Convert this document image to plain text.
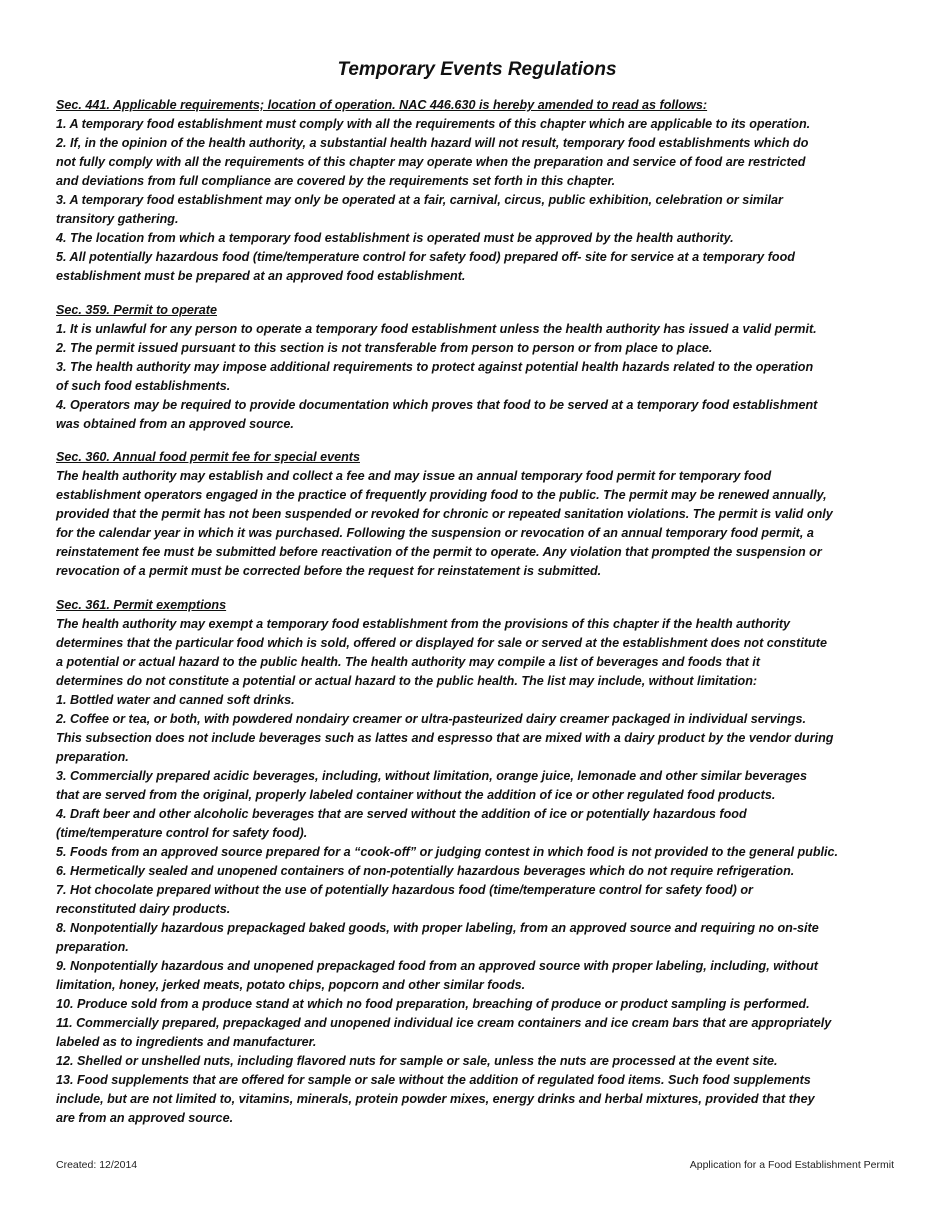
Temporary Events Regulations
Sec. 441. Applicable requirements; location of operation. NAC 446.630 is hereby amended to read as follows:
1. A temporary food establishment must comply with all the requirements of this chapter which are applicable to its operation.
2. If, in the opinion of the health authority, a substantial health hazard will not result, temporary food establishments which do
not fully comply with all the requirements of this chapter may operate when the preparation and service of food are restricted
and deviations from full compliance are covered by the requirements set forth in this chapter.
3. A temporary food establishment may only be operated at a fair, carnival, circus, public exhibition, celebration or similar
transitory gathering.
4. The location from which a temporary food establishment is operated must be approved by the health authority.
5. All potentially hazardous food (time/temperature control for safety food) prepared off- site for service at a temporary food
establishment must be prepared at an approved food establishment.
Sec. 359. Permit to operate
1. It is unlawful for any person to operate a temporary food establishment unless the health authority has issued a valid permit.
2. The permit issued pursuant to this section is not transferable from person to person or from place to place.
3. The health authority may impose additional requirements to protect against potential health hazards related to the operation
of such food establishments.
4. Operators may be required to provide documentation which proves that food to be served at a temporary food establishment
was obtained from an approved source.
Sec. 360. Annual food permit fee for special events
The health authority may establish and collect a fee and may issue an annual temporary food permit for temporary food
establishment operators engaged in the practice of frequently providing food to the public. The permit may be renewed annually,
provided that the permit has not been suspended or revoked for chronic or repeated sanitation violations. The permit is valid only
for the calendar year in which it was purchased. Following the suspension or revocation of an annual temporary food permit, a
reinstatement fee must be submitted before reactivation of the permit to operate. Any violation that prompted the suspension or
revocation of a permit must be corrected before the request for reinstatement is submitted.
Sec. 361. Permit exemptions
The health authority may exempt a temporary food establishment from the provisions of this chapter if the health authority
determines that the particular food which is sold, offered or displayed for sale or served at the establishment does not constitute
a potential or actual hazard to the public health. The health authority may compile a list of beverages and foods that it
determines do not constitute a potential or actual hazard to the public health. The list may include, without limitation:
1. Bottled water and canned soft drinks.
2. Coffee or tea, or both, with powdered nondairy creamer or ultra-pasteurized dairy creamer packaged in individual servings.
This subsection does not include beverages such as lattes and espresso that are mixed with a dairy product by the vendor during
preparation.
3. Commercially prepared acidic beverages, including, without limitation, orange juice, lemonade and other similar beverages
that are served from the original, properly labeled container without the addition of ice or other regulated food products.
4. Draft beer and other alcoholic beverages that are served without the addition of ice or potentially hazardous food
(time/temperature control for safety food).
5. Foods from an approved source prepared for a “cook-off” or judging contest in which food is not provided to the general public.
6. Hermetically sealed and unopened containers of non-potentially hazardous beverages which do not require refrigeration.
7. Hot chocolate prepared without the use of potentially hazardous food (time/temperature control for safety food) or
reconstituted dairy products.
8. Nonpotentially hazardous prepackaged baked goods, with proper labeling, from an approved source and requiring no on-site
preparation.
9. Nonpotentially hazardous and unopened prepackaged food from an approved source with proper labeling, including, without
limitation, honey, jerked meats, potato chips, popcorn and other similar foods.
10. Produce sold from a produce stand at which no food preparation, breaching of produce or product sampling is performed.
11. Commercially prepared, prepackaged and unopened individual ice cream containers and ice cream bars that are appropriately
labeled as to ingredients and manufacturer.
12. Shelled or unshelled nuts, including flavored nuts for sample or sale, unless the nuts are processed at the event site.
13. Food supplements that are offered for sample or sale without the addition of regulated food items. Such food supplements
include, but are not limited to, vitamins, minerals, protein powder mixes, energy drinks and herbal mixtures, provided that they
are from an approved source.
Created: 12/2014	Application for a Food Establishment Permit
